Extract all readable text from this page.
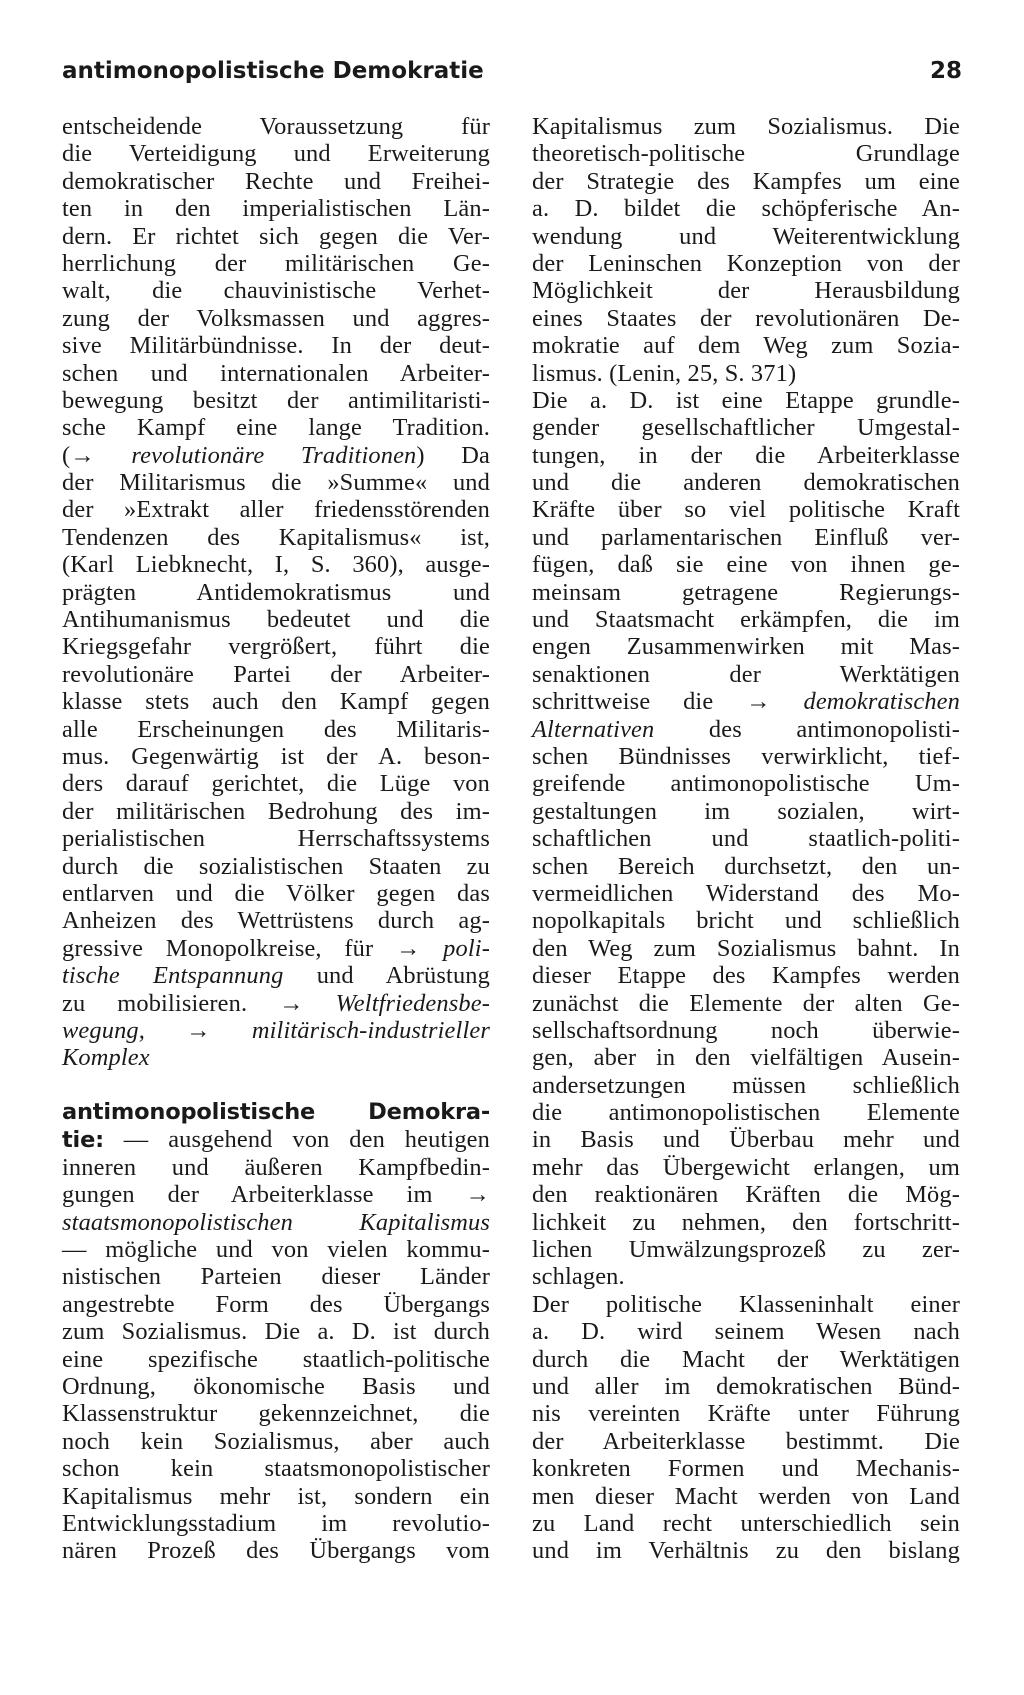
antimonopolistische Demokratie	28
entscheidende Voraussetzung für
die Verteidigung und Erweiterung
demokratischer Rechte und Freihei-
ten in den imperialistischen Län-
dern. Er richtet sich gegen die Ver-
herrlichung der militärischen Ge-
walt, die chauvinistische Verhet-
zung der Volksmassen und aggres-
sive Militärbündnisse. In der deut-
schen und internationalen Arbeiter-
bewegung besitzt der antimilitaristi-
sche Kampf eine lange Tradition.
(→ revolutionäre Traditionen) Da
der Militarismus die »Summe« und
der »Extrakt aller friedensstörenden
Tendenzen des Kapitalismus« ist,
(Karl Liebknecht, I, S. 360), ausge-
prägten Antidemokratismus und
Antihumanismus bedeutet und die
Kriegsgefahr vergrößert, führt die
revolutionäre Partei der Arbeiter-
klasse stets auch den Kampf gegen
alle Erscheinungen des Militaris-
mus. Gegenwärtig ist der A. beson-
ders darauf gerichtet, die Lüge von
der militärischen Bedrohung des im-
perialistischen Herrschaftssystems
durch die sozialistischen Staaten zu
entlarven und die Völker gegen das
Anheizen des Wettrüstens durch ag-
gressive Monopolkreise, für → poli-
tische Entspannung und Abrüstung
zu mobilisieren. → Weltfriedensbe-
wegung, → militärisch-industrieller
Komplex
antimonopolistische Demokra-
tie: — ausgehend von den heutigen
inneren und äußeren Kampfbedin-
gungen der Arbeiterklasse im →
staatsmonopolistischen Kapitalismus
— mögliche und von vielen kommu-
nistischen Parteien dieser Länder
angestrebte Form des Übergangs
zum Sozialismus. Die a. D. ist durch
eine spezifische staatlich-politische
Ordnung, ökonomische Basis und
Klassenstruktur gekennzeichnet, die
noch kein Sozialismus, aber auch
schon kein staatsmonopolistischer
Kapitalismus mehr ist, sondern ein
Entwicklungsstadium im revolutio-
nären Prozeß des Übergangs vom
Kapitalismus zum Sozialismus. Die
theoretisch-politische Grundlage
der Strategie des Kampfes um eine
a. D. bildet die schöpferische An-
wendung und Weiterentwicklung
der Leninschen Konzeption von der
Möglichkeit der Herausbildung
eines Staates der revolutionären De-
mokratie auf dem Weg zum Sozia-
lismus. (Lenin, 25, S. 371)
Die a. D. ist eine Etappe grundle-
gender gesellschaftlicher Umgestal-
tungen, in der die Arbeiterklasse
und die anderen demokratischen
Kräfte über so viel politische Kraft
und parlamentarischen Einfluß ver-
fügen, daß sie eine von ihnen ge-
meinsam getragene Regierungs-
und Staatsmacht erkämpfen, die im
engen Zusammenwirken mit Mas-
senaktionen der Werktätigen
schrittweise die → demokratischen
Alternativen des antimonopolisti-
schen Bündnisses verwirklicht, tief-
greifende antimonopolistische Um-
gestaltungen im sozialen, wirt-
schaftlichen und staatlich-politi-
schen Bereich durchsetzt, den un-
vermeidlichen Widerstand des Mo-
nopolkapitals bricht und schließlich
den Weg zum Sozialismus bahnt. In
dieser Etappe des Kampfes werden
zunächst die Elemente der alten Ge-
sellschaftsordnung noch überwie-
gen, aber in den vielfältigen Ausein-
andersetzungen müssen schließlich
die antimonopolistischen Elemente
in Basis und Überbau mehr und
mehr das Übergewicht erlangen, um
den reaktionären Kräften die Mög-
lichkeit zu nehmen, den fortschritt-
lichen Umwälzungsprozeß zu zer-
schlagen.
Der politische Klasseninhalt einer
a. D. wird seinem Wesen nach
durch die Macht der Werktätigen
und aller im demokratischen Bünd-
nis vereinten Kräfte unter Führung
der Arbeiterklasse bestimmt. Die
konkreten Formen und Mechanis-
men dieser Macht werden von Land
zu Land recht unterschiedlich sein
und im Verhältnis zu den bislang
